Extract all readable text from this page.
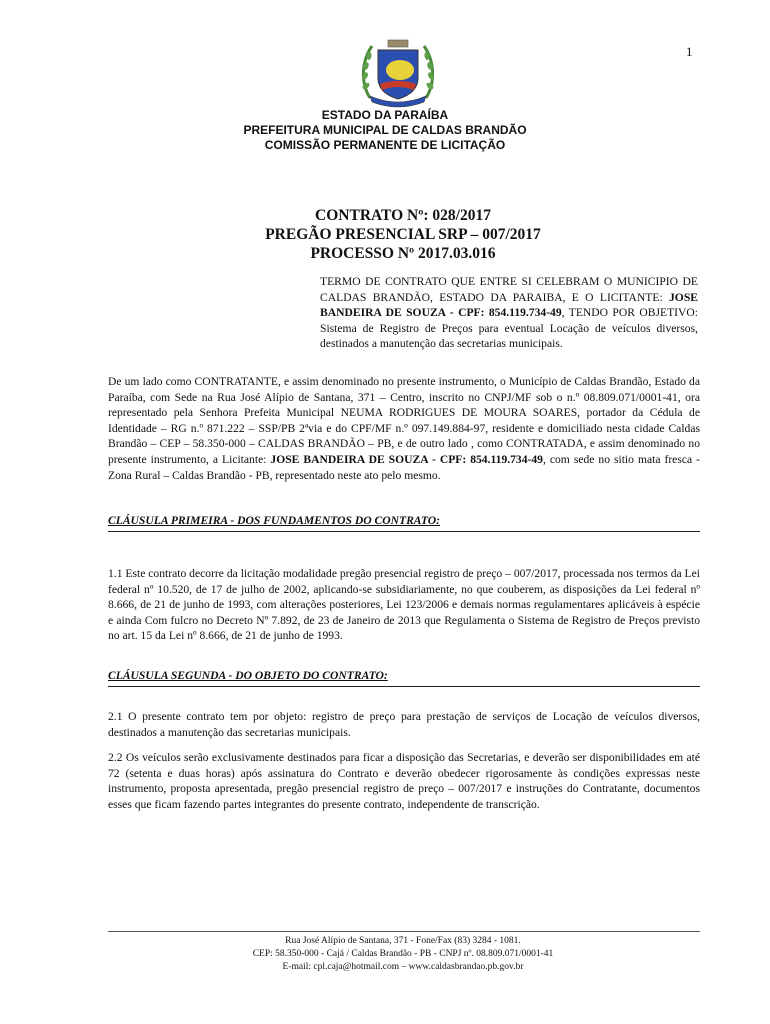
1
ESTADO DA PARAÍBA
PREFEITURA MUNICIPAL DE CALDAS BRANDÃO
COMISSÃO PERMANENTE DE LICITAÇÃO
CONTRATO Nº: 028/2017
PREGÃO PRESENCIAL SRP – 007/2017
PROCESSO Nº 2017.03.016
TERMO DE CONTRATO QUE ENTRE SI CELEBRAM O MUNICIPIO DE CALDAS BRANDÃO, ESTADO DA PARAIBA, E O LICITANTE: JOSE BANDEIRA DE SOUZA - CPF: 854.119.734-49, TENDO POR OBJETIVO: Sistema de Registro de Preços para eventual Locação de veículos diversos, destinados a manutenção das secretarias municipais.
De um lado como CONTRATANTE, e assim denominado no presente instrumento, o Município de Caldas Brandão, Estado da Paraíba, com Sede na Rua José Alípio de Santana, 371 – Centro, inscrito no CNPJ/MF sob o n.º 08.809.071/0001-41, ora representado pela Senhora Prefeita Municipal NEUMA RODRIGUES DE MOURA SOARES, portador da Cédula de Identidade – RG n.º 871.222 – SSP/PB 2ªvia e do CPF/MF n.º 097.149.884-97, residente e domiciliado nesta cidade Caldas Brandão – CEP – 58.350-000 – CALDAS BRANDÃO – PB, e de outro lado , como CONTRATADA, e assim denominado no presente instrumento, a Licitante: JOSE BANDEIRA DE SOUZA - CPF: 854.119.734-49, com sede no sitio mata fresca - Zona Rural – Caldas Brandão - PB, representado neste ato pelo mesmo.
CLÁUSULA PRIMEIRA - DOS FUNDAMENTOS DO CONTRATO:
1.1 Este contrato decorre da licitação modalidade pregão presencial registro de preço – 007/2017, processada nos termos da Lei federal nº 10.520, de 17 de julho de 2002, aplicando-se subsidiariamente, no que couberem, as disposições da Lei federal nº 8.666, de 21 de junho de 1993, com alterações posteriores, Lei 123/2006 e demais normas regulamentares aplicáveis à espécie e ainda Com fulcro no Decreto Nº 7.892, de 23 de Janeiro de 2013 que Regulamenta o Sistema de Registro de Preços previsto no art. 15 da Lei nº 8.666, de 21 de junho de 1993.
CLÁUSULA SEGUNDA - DO OBJETO DO CONTRATO:
2.1 O presente contrato tem por objeto: registro de preço para prestação de serviços de Locação de veículos diversos, destinados a manutenção das secretarias municipais.
2.2 Os veículos serão exclusivamente destinados para ficar a disposição das Secretarias, e deverão ser disponibilidades em até 72 (setenta e duas horas) após assinatura do Contrato e deverão obedecer rigorosamente às condições expressas neste instrumento, proposta apresentada, pregão presencial registro de preço – 007/2017 e instruções do Contratante, documentos esses que ficam fazendo partes integrantes do presente contrato, independente de transcrição.
Rua José Alípio de Santana, 371 - Fone/Fax (83) 3284 - 1081.
CEP: 58.350-000 - Cajá / Caldas Brandão - PB - CNPJ nº. 08.809.071/0001-41
E-mail: cpl.caja@hotmail.com – www.caldasbrandao.pb.gov.br
